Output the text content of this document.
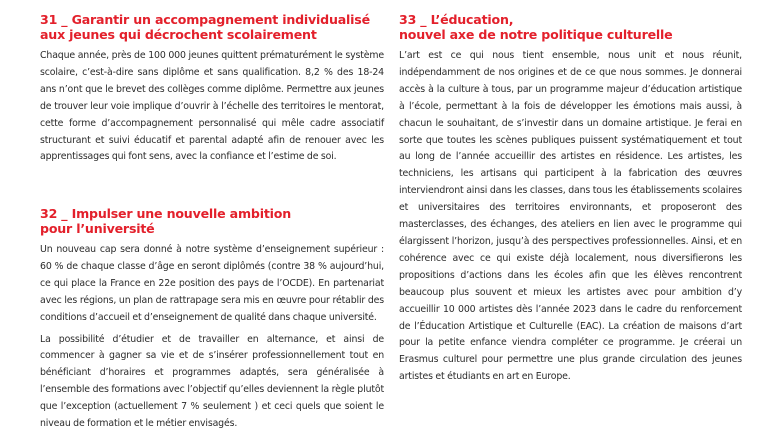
31 _ Garantir un accompagnement individualisé
aux jeunes qui décrochent scolairement

Chaque année, près de 100 000 jeunes quittent prématurément le système scolaire, c’est-à-dire sans diplôme et sans qualification. 8,2 % des 18-24 ans n’ont que le brevet des collèges comme diplôme. Permettre aux jeunes de trouver leur voie implique d’ouvrir à l’échelle des territoires le mentorat, cette forme d’accompagnement personnalisé qui mêle cadre associatif structurant et suivi éducatif et parental adapté afin de renouer avec les apprentissages qui font sens, avec la confiance et l’estime de soi.

32 _ Impulser une nouvelle ambition
pour l’université

Un nouveau cap sera donné à notre système d’enseignement supérieur : 60 % de chaque classe d’âge en seront diplômés (contre 38 % aujourd’hui, ce qui place la France en 22e position des pays de l’OCDE). En partenariat avec les régions, un plan de rattrapage sera mis en œuvre pour rétablir des conditions d’accueil et d’enseignement de qualité dans chaque université.

La possibilité d’étudier et de travailler en alternance, et ainsi de commencer à gagner sa vie et de s’insérer professionnellement tout en bénéficiant d’horaires et programmes adaptés, sera généralisée à l’ensemble des formations avec l’objectif qu’elles deviennent la règle plutôt que l’exception (actuellement 7 % seulement ) et ceci quels que soient le niveau de formation et le métier envisagés.

33 _ L’éducation,
nouvel axe de notre politique culturelle

L’art est ce qui nous tient ensemble, nous unit et nous réunit, indépendamment de nos origines et de ce que nous sommes. Je donnerai accès à la culture à tous, par un programme majeur d’éducation artistique à l’école, permettant à la fois de développer les émotions mais aussi, à chacun le souhaitant, de s’investir dans un domaine artistique. Je ferai en sorte que toutes les scènes publiques puissent systématiquement et tout au long de l’année accueillir des artistes en résidence. Les artistes, les techniciens, les artisans qui participent à la fabrication des œuvres interviendront ainsi dans les classes, dans tous les établissements scolaires et universitaires des territoires environnants, et proposeront des masterclasses, des échanges, des ateliers en lien avec le programme qui élargissent l’horizon, jusqu’à des perspectives professionnelles. Ainsi, et en cohérence avec ce qui existe déjà localement, nous diversifierons les propositions d’actions dans les écoles afin que les élèves rencontrent beaucoup plus souvent et mieux les artistes avec pour ambition d’y accueillir 10 000 artistes dès l’année 2023 dans le cadre du renforcement de l’Éducation Artistique et Culturelle (EAC). La création de maisons d’art pour la petite enfance viendra compléter ce programme. Je créerai un Erasmus culturel pour permettre une plus grande circulation des jeunes artistes et étudiants en art en Europe.
